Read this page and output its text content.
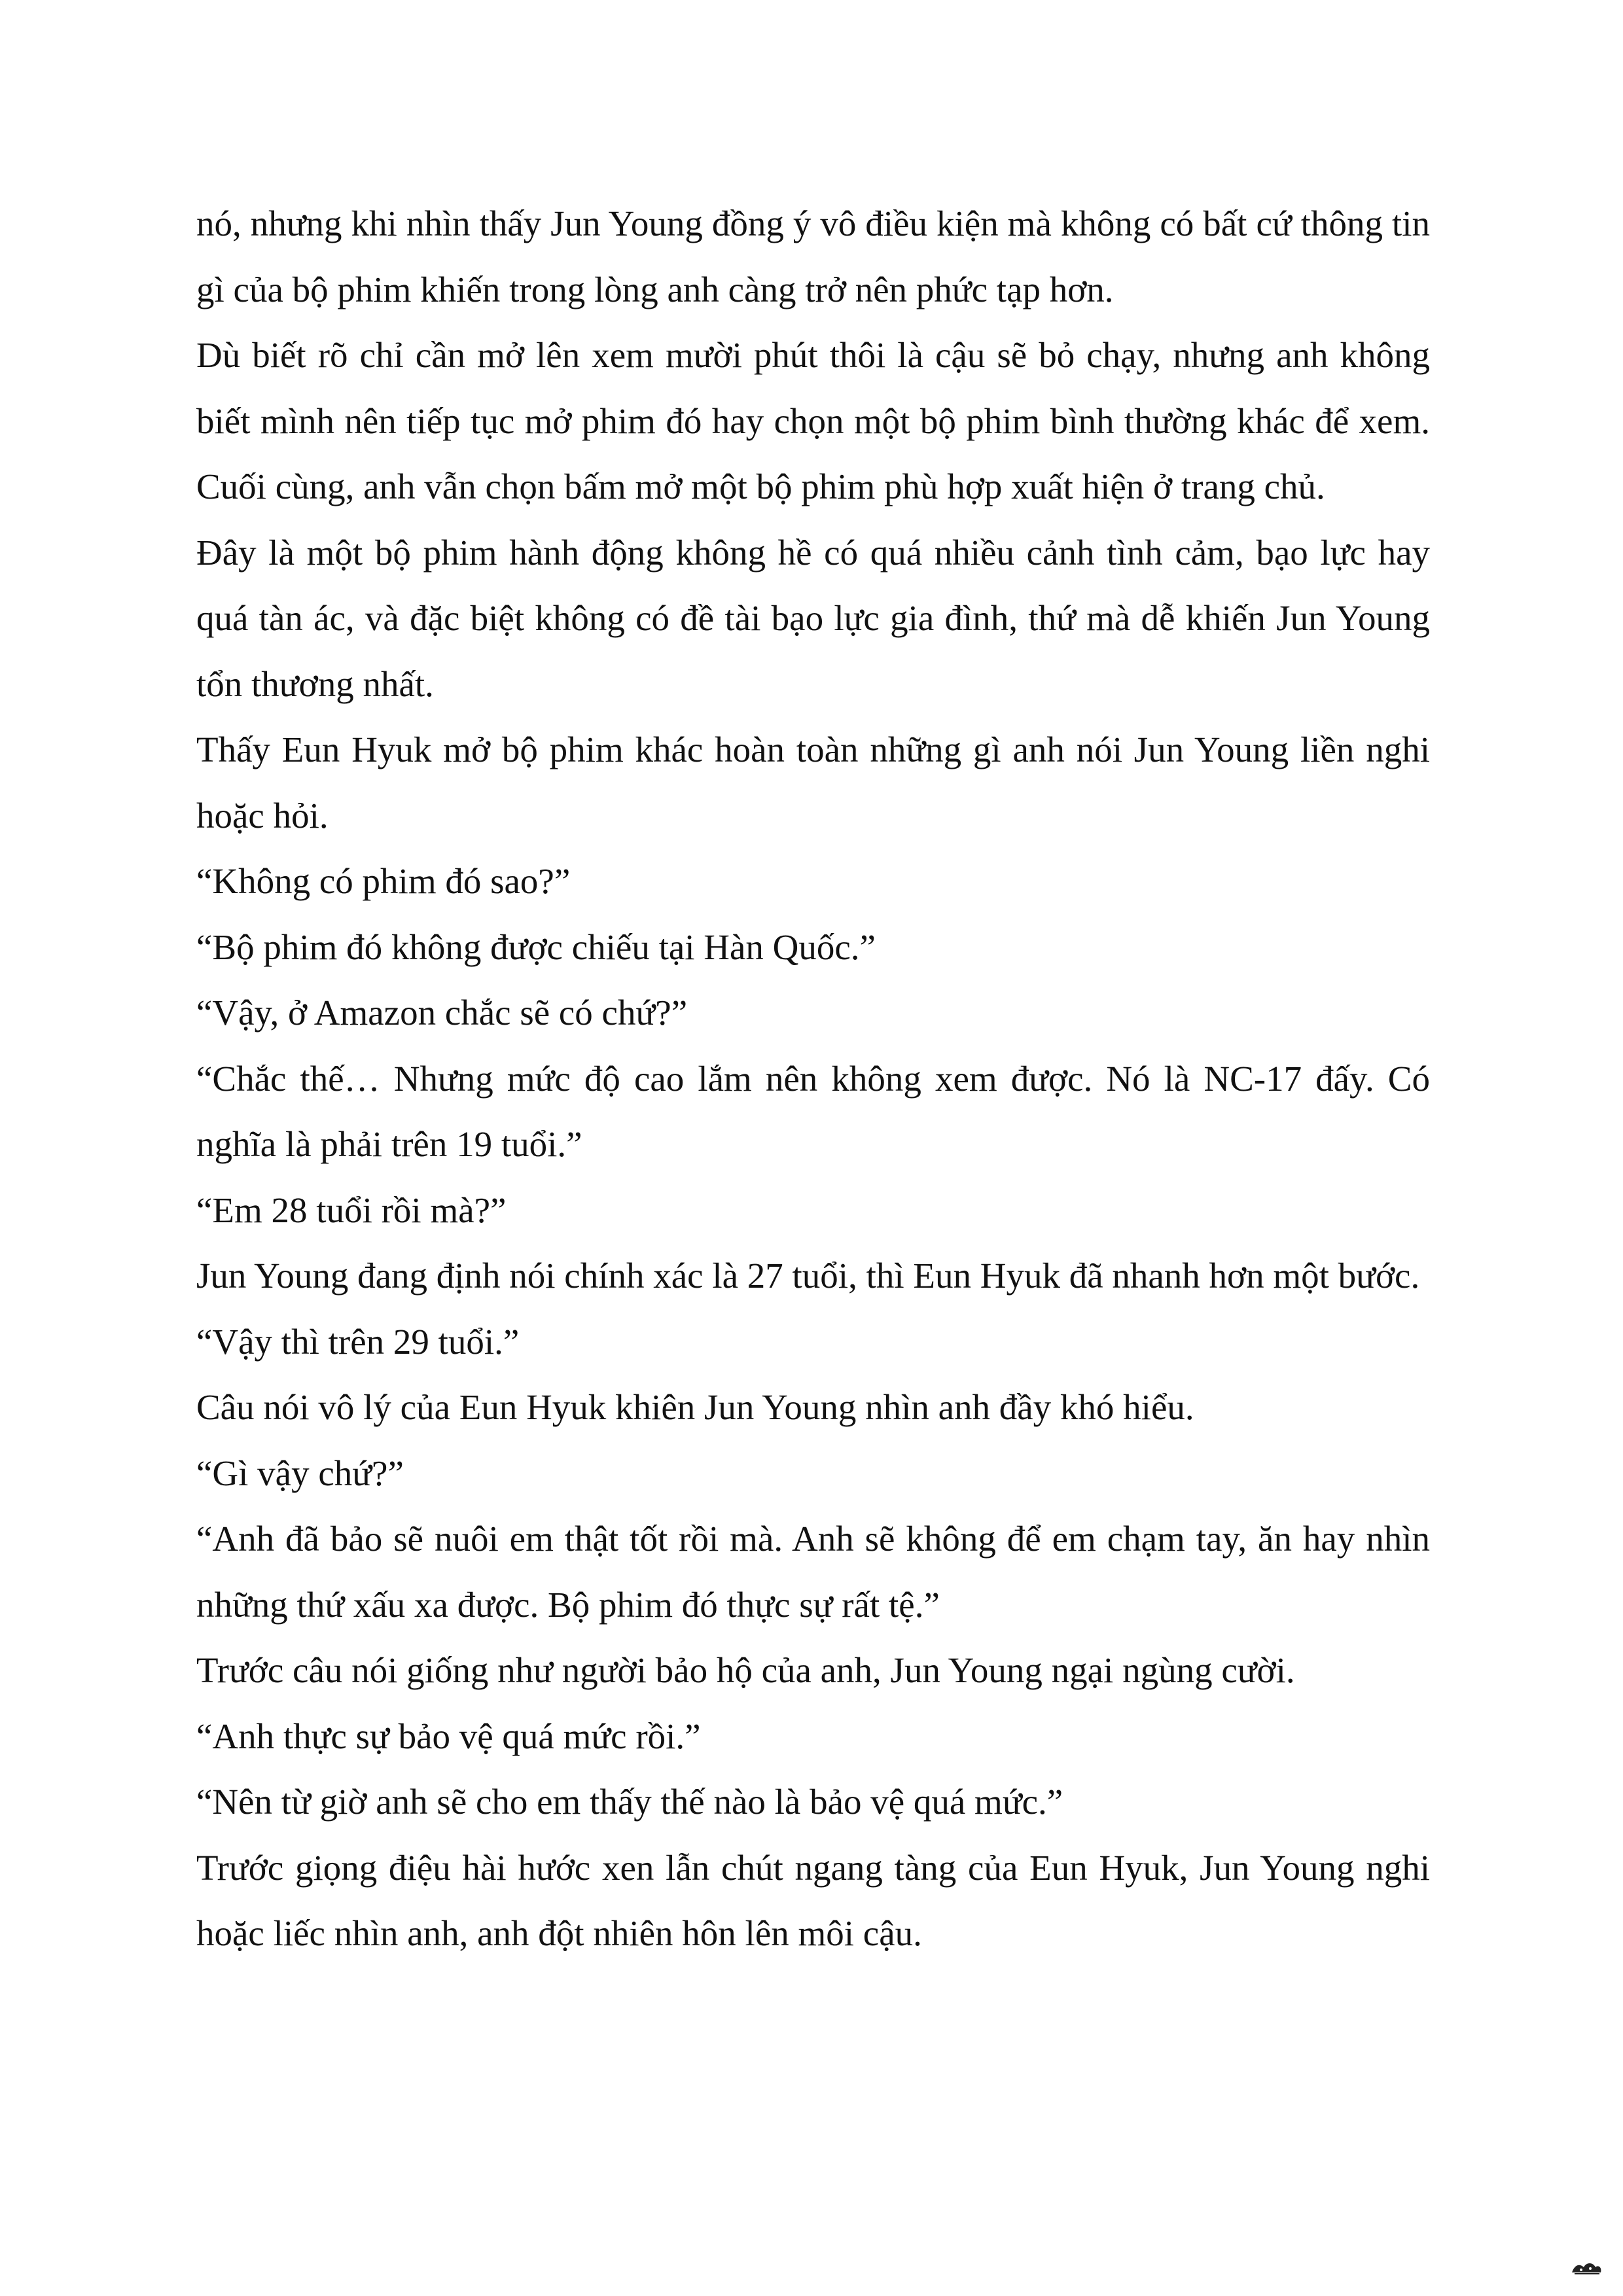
nó, nhưng khi nhìn thấy Jun Young đồng ý vô điều kiện mà không có bất cứ thông tin gì của bộ phim khiến trong lòng anh càng trở nên phức tạp hơn.

Dù biết rõ chỉ cần mở lên xem mười phút thôi là cậu sẽ bỏ chạy, nhưng anh không biết mình nên tiếp tục mở phim đó hay chọn một bộ phim bình thường khác để xem. Cuối cùng, anh vẫn chọn bấm mở một bộ phim phù hợp xuất hiện ở trang chủ.

Đây là một bộ phim hành động không hề có quá nhiều cảnh tình cảm, bạo lực hay quá tàn ác, và đặc biệt không có đề tài bạo lực gia đình, thứ mà dễ khiến Jun Young tổn thương nhất.

Thấy Eun Hyuk mở bộ phim khác hoàn toàn những gì anh nói Jun Young liền nghi hoặc hỏi.

“Không có phim đó sao?”

“Bộ phim đó không được chiếu tại Hàn Quốc.”

“Vậy, ở Amazon chắc sẽ có chứ?”

“Chắc thế… Nhưng mức độ cao lắm nên không xem được. Nó là NC-17 đấy. Có nghĩa là phải trên 19 tuổi.”

“Em 28 tuổi rồi mà?”

Jun Young đang định nói chính xác là 27 tuổi, thì Eun Hyuk đã nhanh hơn một bước.

“Vậy thì trên 29 tuổi.”

Câu nói vô lý của Eun Hyuk khiên Jun Young nhìn anh đầy khó hiểu.

“Gì vậy chứ?”

“Anh đã bảo sẽ nuôi em thật tốt rồi mà. Anh sẽ không để em chạm tay, ăn hay nhìn những thứ xấu xa được. Bộ phim đó thực sự rất tệ.”

Trước câu nói giống như người bảo hộ của anh, Jun Young ngại ngùng cười.

“Anh thực sự bảo vệ quá mức rồi.”

“Nên từ giờ anh sẽ cho em thấy thế nào là bảo vệ quá mức.”

Trước giọng điệu hài hước xen lẫn chút ngang tàng của Eun Hyuk, Jun Young nghi hoặc liếc nhìn anh, anh đột nhiên hôn lên môi cậu.
